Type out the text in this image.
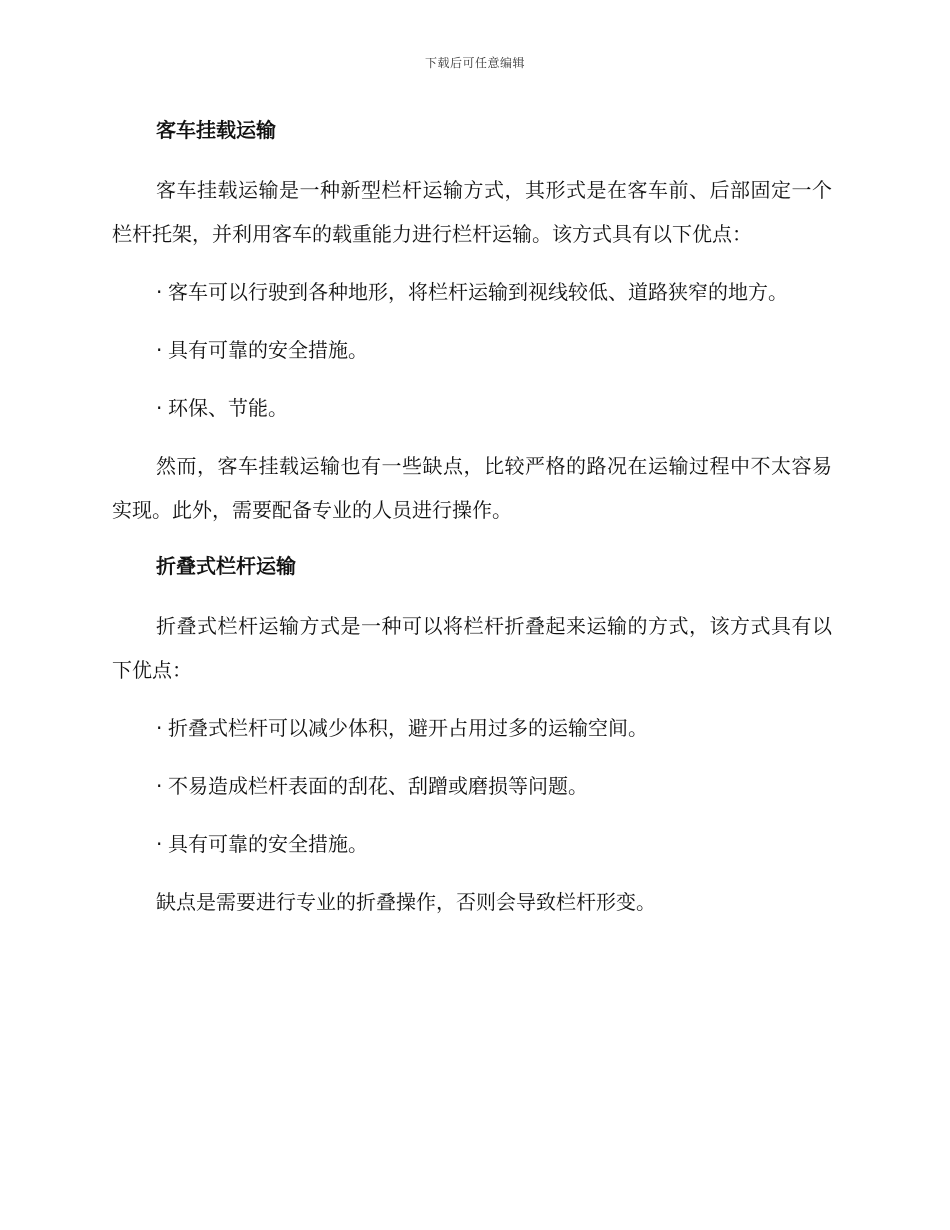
下载后可任意编辑
客车挂载运输

客车挂载运输是一种新型栏杆运输方式，其形式是在客车前、后部固定一个栏杆托架，并利用客车的载重能力进行栏杆运输。该方式具有以下优点：

· 客车可以行驶到各种地形，将栏杆运输到视线较低、道路狭窄的地方。

· 具有可靠的安全措施。

· 环保、节能。

然而，客车挂载运输也有一些缺点，比较严格的路况在运输过程中不太容易实现。此外，需要配备专业的人员进行操作。

折叠式栏杆运输

折叠式栏杆运输方式是一种可以将栏杆折叠起来运输的方式，该方式具有以下优点：

· 折叠式栏杆可以减少体积，避开占用过多的运输空间。

· 不易造成栏杆表面的刮花、刮蹭或磨损等问题。

· 具有可靠的安全措施。

缺点是需要进行专业的折叠操作，否则会导致栏杆形变。
